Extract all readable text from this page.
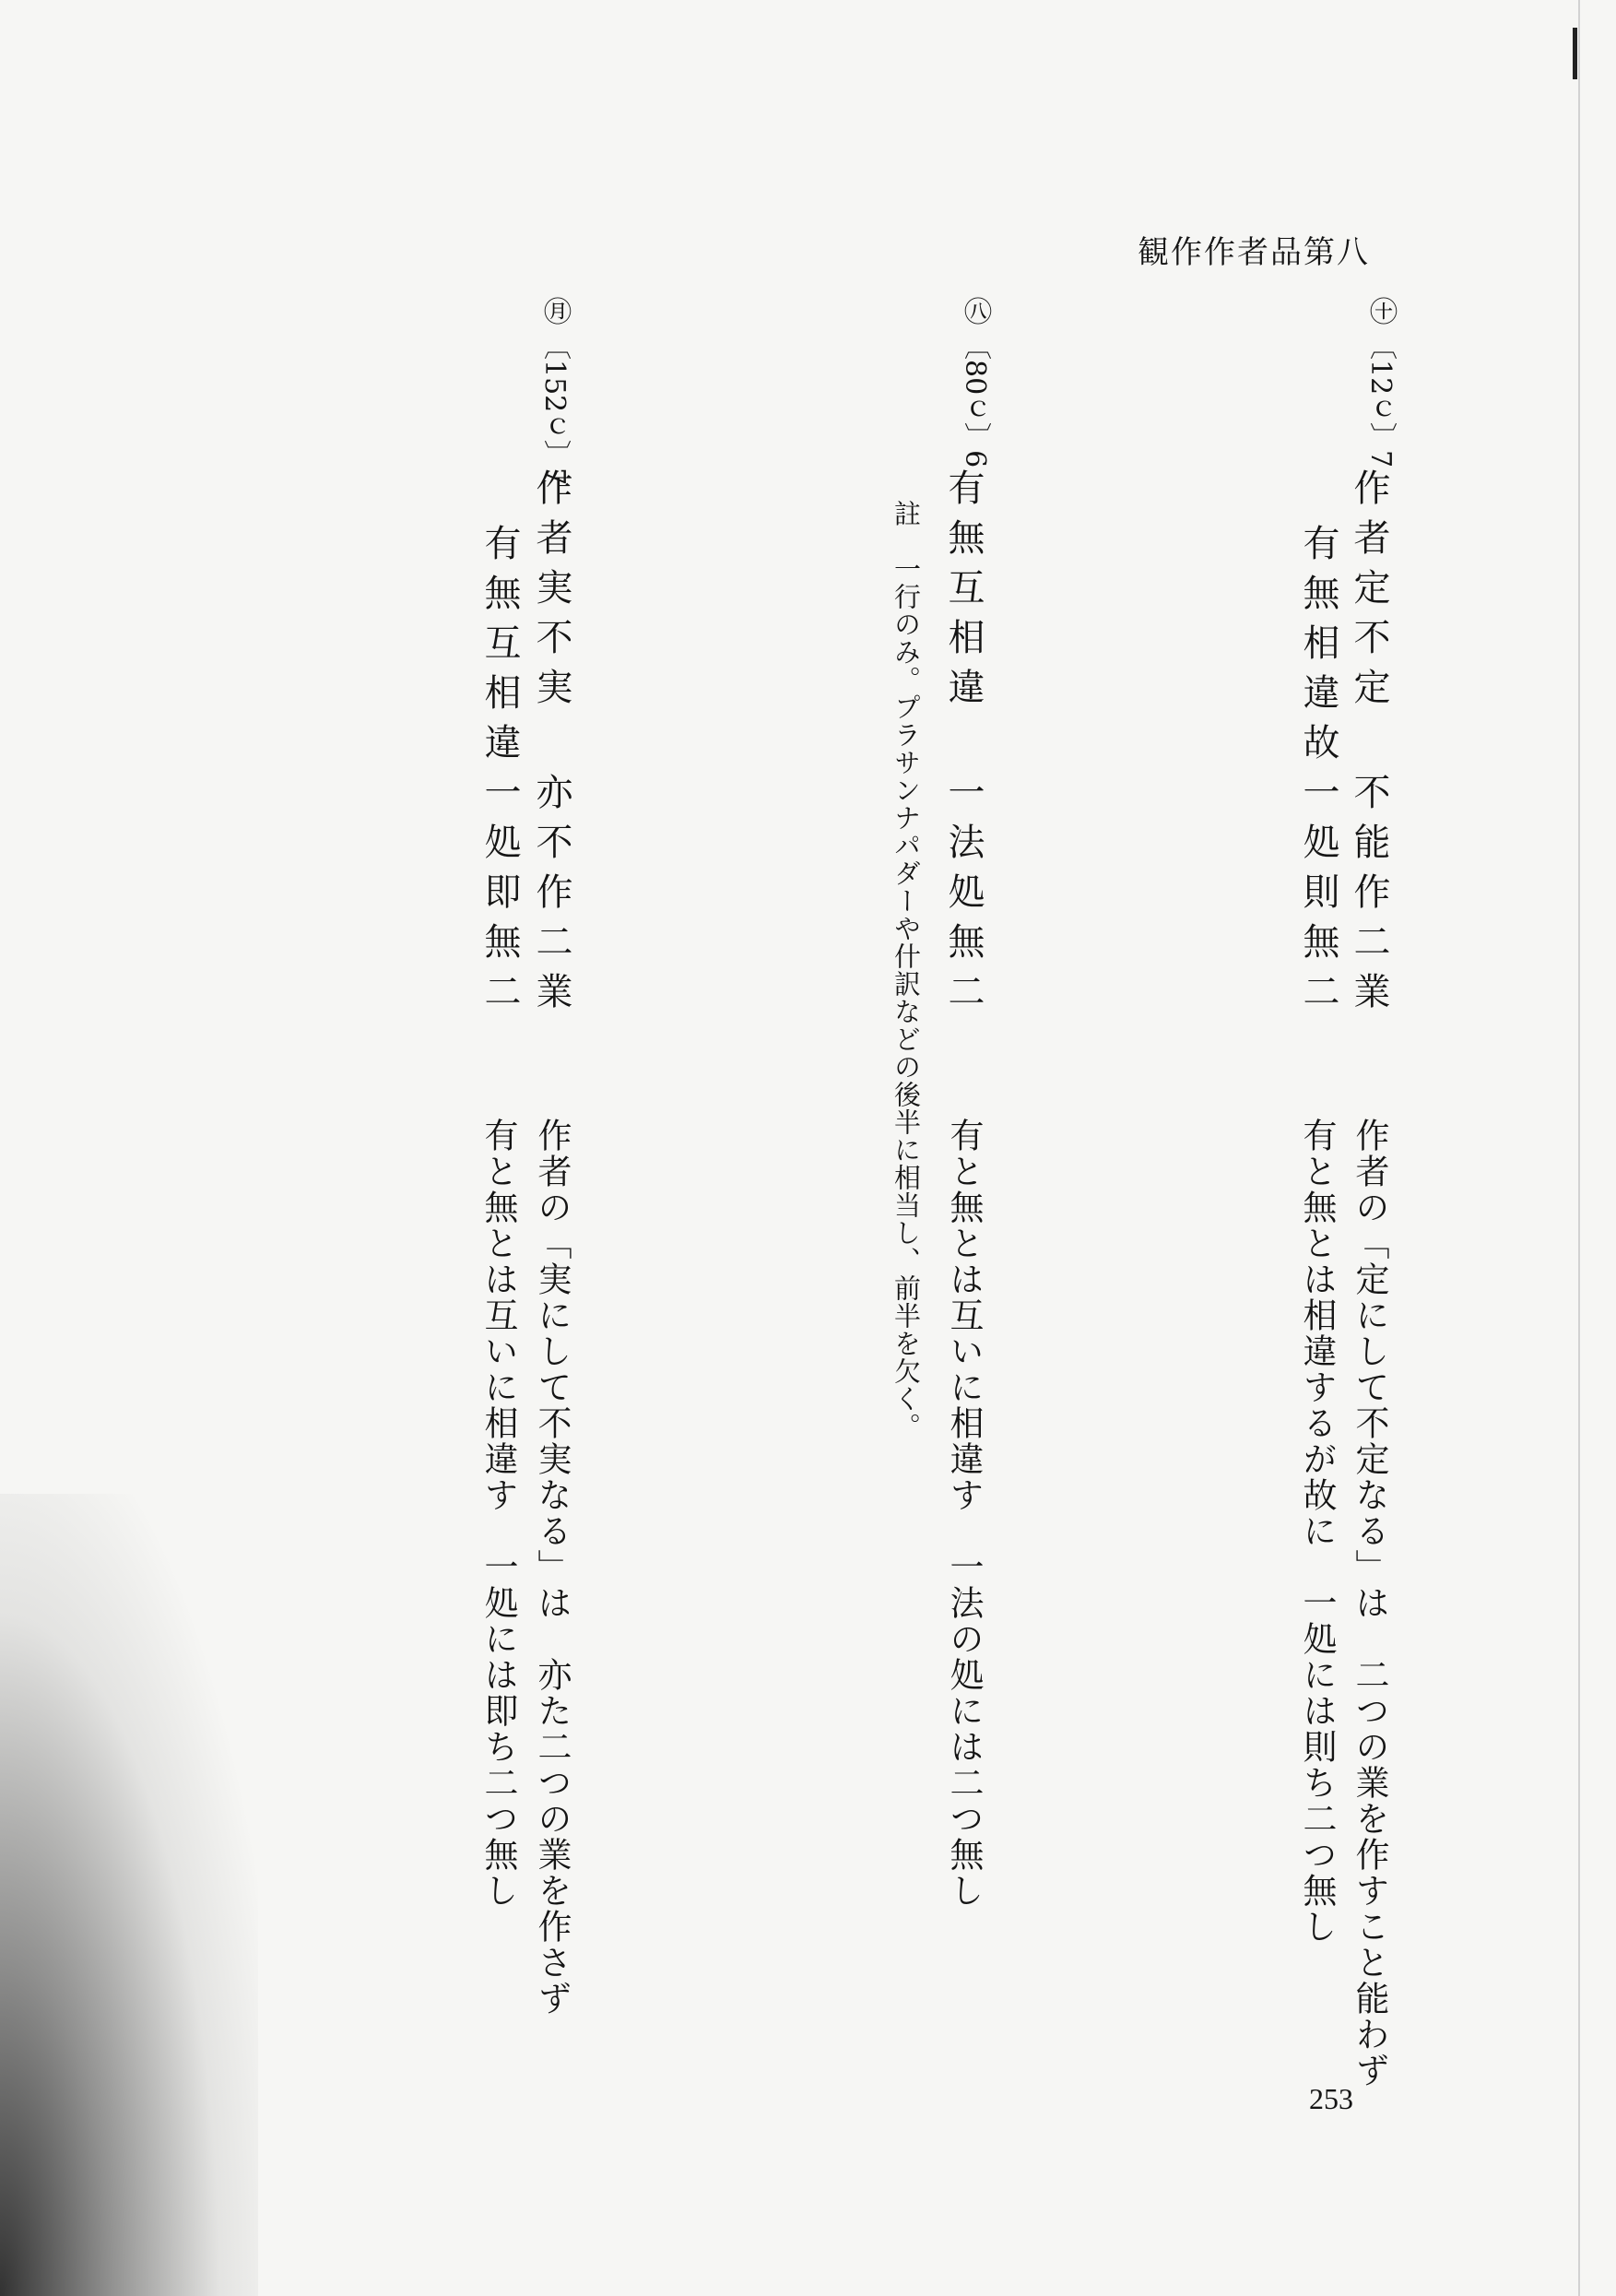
観作作者品第八
㊉
〔12ｃ〕7
作者定不定
不能作二業
有無相違故
一処則無二
作者の「定にして不定なる」は　二つの業を作すこと能わず
有と無とは相違するが故に　一処には則ち二つ無し
㊇
〔80ｃ〕6
有無互相違
一法処無二
註　一行のみ。プラサンナパダーや什訳などの後半に相当し、前半を欠く。
有と無とは互いに相違す　一法の処には二つ無し
㊊
〔152ｃ〕7
作者実不実
亦不作二業
有無互相違
一処即無二
作者の「実にして不実なる」は　亦た二つの業を作さず
有と無とは互いに相違す　一処には即ち二つ無し
253
